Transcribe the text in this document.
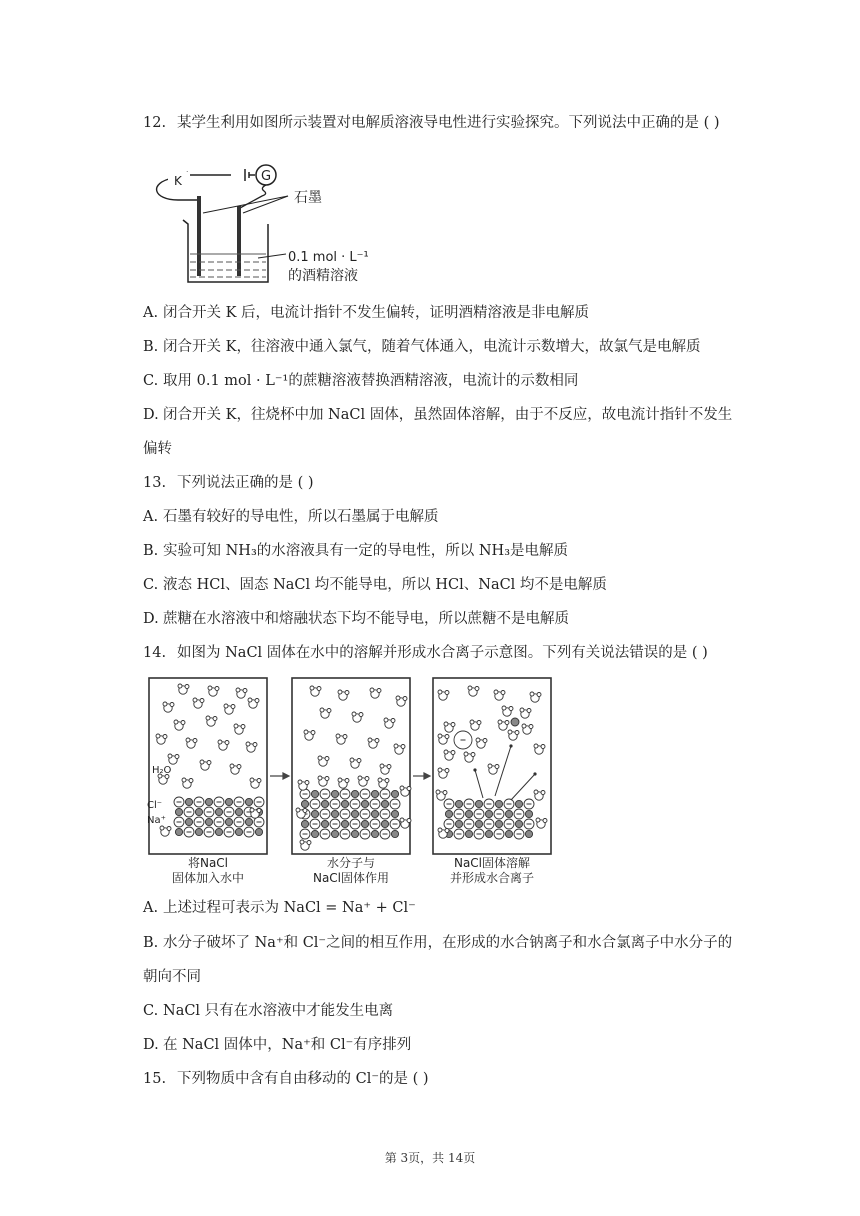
12. 某学生利用如图所示装置对电解质溶液导电性进行实验探究。下列说法中正确的是 ( )
K	G
石墨
0.1 mol · L⁻¹
的酒精溶液
A. 闭合开关 K 后，电流计指针不发生偏转，证明酒精溶液是非电解质
B. 闭合开关 K，往溶液中通入氯气，随着气体通入，电流计示数增大，故氯气是电解质
C. 取用 0.1 mol · L⁻¹的蔗糖溶液替换酒精溶液，电流计的示数相同
D. 闭合开关 K，往烧杯中加 NaCl 固体，虽然固体溶解，由于不反应，故电流计指针不发生
偏转
13. 下列说法正确的是 ( )
A. 石墨有较好的导电性，所以石墨属于电解质
B. 实验可知 NH₃的水溶液具有一定的导电性，所以 NH₃是电解质
C. 液态 HCl、固态 NaCl 均不能导电，所以 HCl、NaCl 均不是电解质
D. 蔗糖在水溶液中和熔融状态下均不能导电，所以蔗糖不是电解质
14. 如图为 NaCl 固体在水中的溶解并形成水合离子示意图。下列有关说法错误的是 ( )
H₂O
Cl⁻
Na⁺
将NaCl
固体加入水中
水分子与
NaCl固体作用
NaCl固体溶解
并形成水合离子
A. 上述过程可表示为 NaCl = Na⁺ + Cl⁻
B. 水分子破坏了 Na⁺和 Cl⁻之间的相互作用，在形成的水合钠离子和水合氯离子中水分子的
朝向不同
C. NaCl 只有在水溶液中才能发生电离
D. 在 NaCl 固体中，Na⁺和 Cl⁻有序排列
15. 下列物质中含有自由移动的 Cl⁻的是 ( )
第 3页，共 14页
